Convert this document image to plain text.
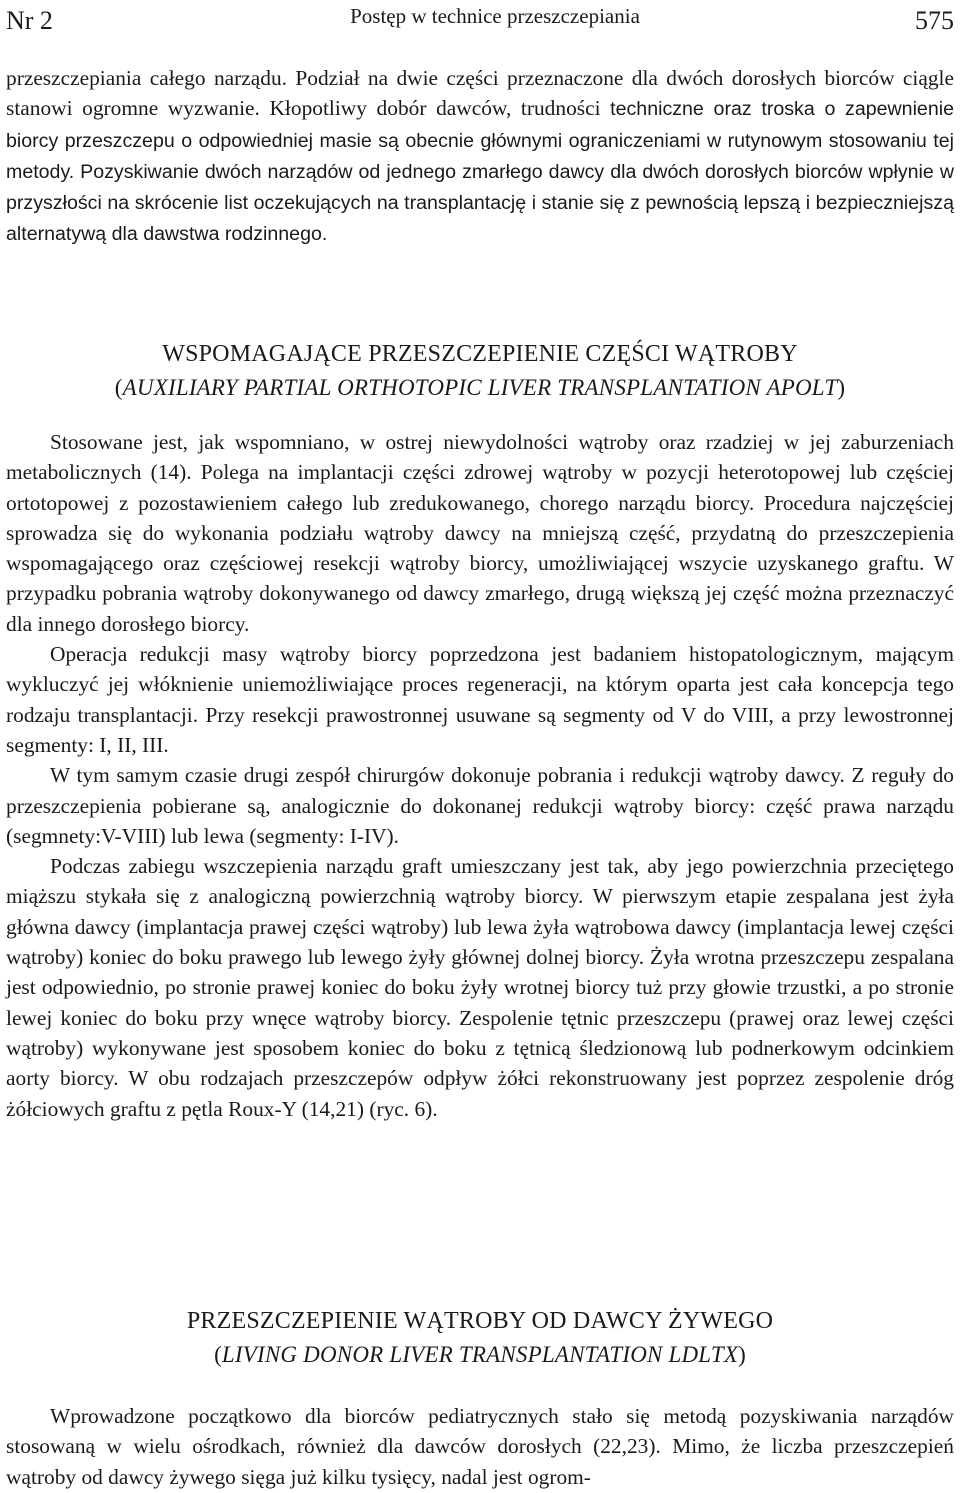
Nr 2	Postęp w technice przeszczepiania	575

przeszczepiania całego narządu. Podział na dwie części przeznaczone dla dwóch dorosłych biorców ciągle stanowi ogromne wyzwanie. Kłopotliwy dobór dawców, trudności techniczne oraz troska o zapewnienie biorcy przeszczepu o odpowiedniej masie są obecnie głównymi ograniczeniami w rutynowym stosowaniu tej metody. Pozyskiwanie dwóch narządów od jednego zmarłego dawcy dla dwóch dorosłych biorców wpłynie w przyszłości na skrócenie list oczekujących na transplantację i stanie się z pewnością lepszą i bezpieczniejszą alternatywą dla dawstwa rodzinnego.

WSPOMAGAJĄCE PRZESZCZEPIENIE CZĘŚCI WĄTROBY
(AUXILIARY PARTIAL ORTHOTOPIC LIVER TRANSPLANTATION APOLT)

Stosowane jest, jak wspomniano, w ostrej niewydolności wątroby oraz rzadziej w jej zaburzeniach metabolicznych (14). Polega na implantacji części zdrowej wątroby w pozycji heterotopowej lub częściej ortotopowej z pozostawieniem całego lub zredukowanego, chorego narządu biorcy. Procedura najczęściej sprowadza się do wykonania podziału wątroby dawcy na mniejszą część, przydatną do przeszczepienia wspomagającego oraz częściowej resekcji wątroby biorcy, umożliwiającej wszycie uzyskanego graftu. W przypadku pobrania wątroby dokonywanego od dawcy zmarłego, drugą większą jej część można przeznaczyć dla innego dorosłego biorcy.

Operacja redukcji masy wątroby biorcy poprzedzona jest badaniem histopatologicznym, mającym wykluczyć jej włóknienie uniemożliwiające proces regeneracji, na którym oparta jest cała koncepcja tego rodzaju transplantacji. Przy resekcji prawostronnej usuwane są segmenty od V do VIII, a przy lewostronnej segmenty: I, II, III.

W tym samym czasie drugi zespół chirurgów dokonuje pobrania i redukcji wątroby dawcy. Z reguły do przeszczepienia pobierane są, analogicznie do dokonanej redukcji wątroby biorcy: część prawa narządu (segmnety:V-VIII) lub lewa (segmenty: I-IV).

Podczas zabiegu wszczepienia narządu graft umieszczany jest tak, aby jego powierzchnia przeciętego miąższu stykała się z analogiczną powierzchnią wątroby biorcy. W pierwszym etapie zespalana jest żyła główna dawcy (implantacja prawej części wątroby) lub lewa żyła wątrobowa dawcy (implantacja lewej części wątroby) koniec do boku prawego lub lewego żyły głównej dolnej biorcy. Żyła wrotna przeszczepu zespalana jest odpowiednio, po stronie prawej koniec do boku żyły wrotnej biorcy tuż przy głowie trzustki, a po stronie lewej koniec do boku przy wnęce wątroby biorcy. Zespolenie tętnic przeszczepu (prawej oraz lewej części wątroby) wykonywane jest sposobem koniec do boku z tętnicą śledzionową lub podnerkowym odcinkiem aorty biorcy. W obu rodzajach przeszczepów odpływ żółci rekonstruowany jest poprzez zespolenie dróg żółciowych graftu z pętla Roux-Y (14,21) (ryc. 6).

PRZESZCZEPIENIE WĄTROBY OD DAWCY ŻYWEGO
(LIVING DONOR LIVER TRANSPLANTATION LDLTX)

Wprowadzone początkowo dla biorców pediatrycznych stało się metodą pozyskiwania narządów stosowaną w wielu ośrodkach, również dla dawców dorosłych (22,23). Mimo, że liczba przeszczepień wątroby od dawcy żywego sięga już kilku tysięcy, nadal jest ogrom-
